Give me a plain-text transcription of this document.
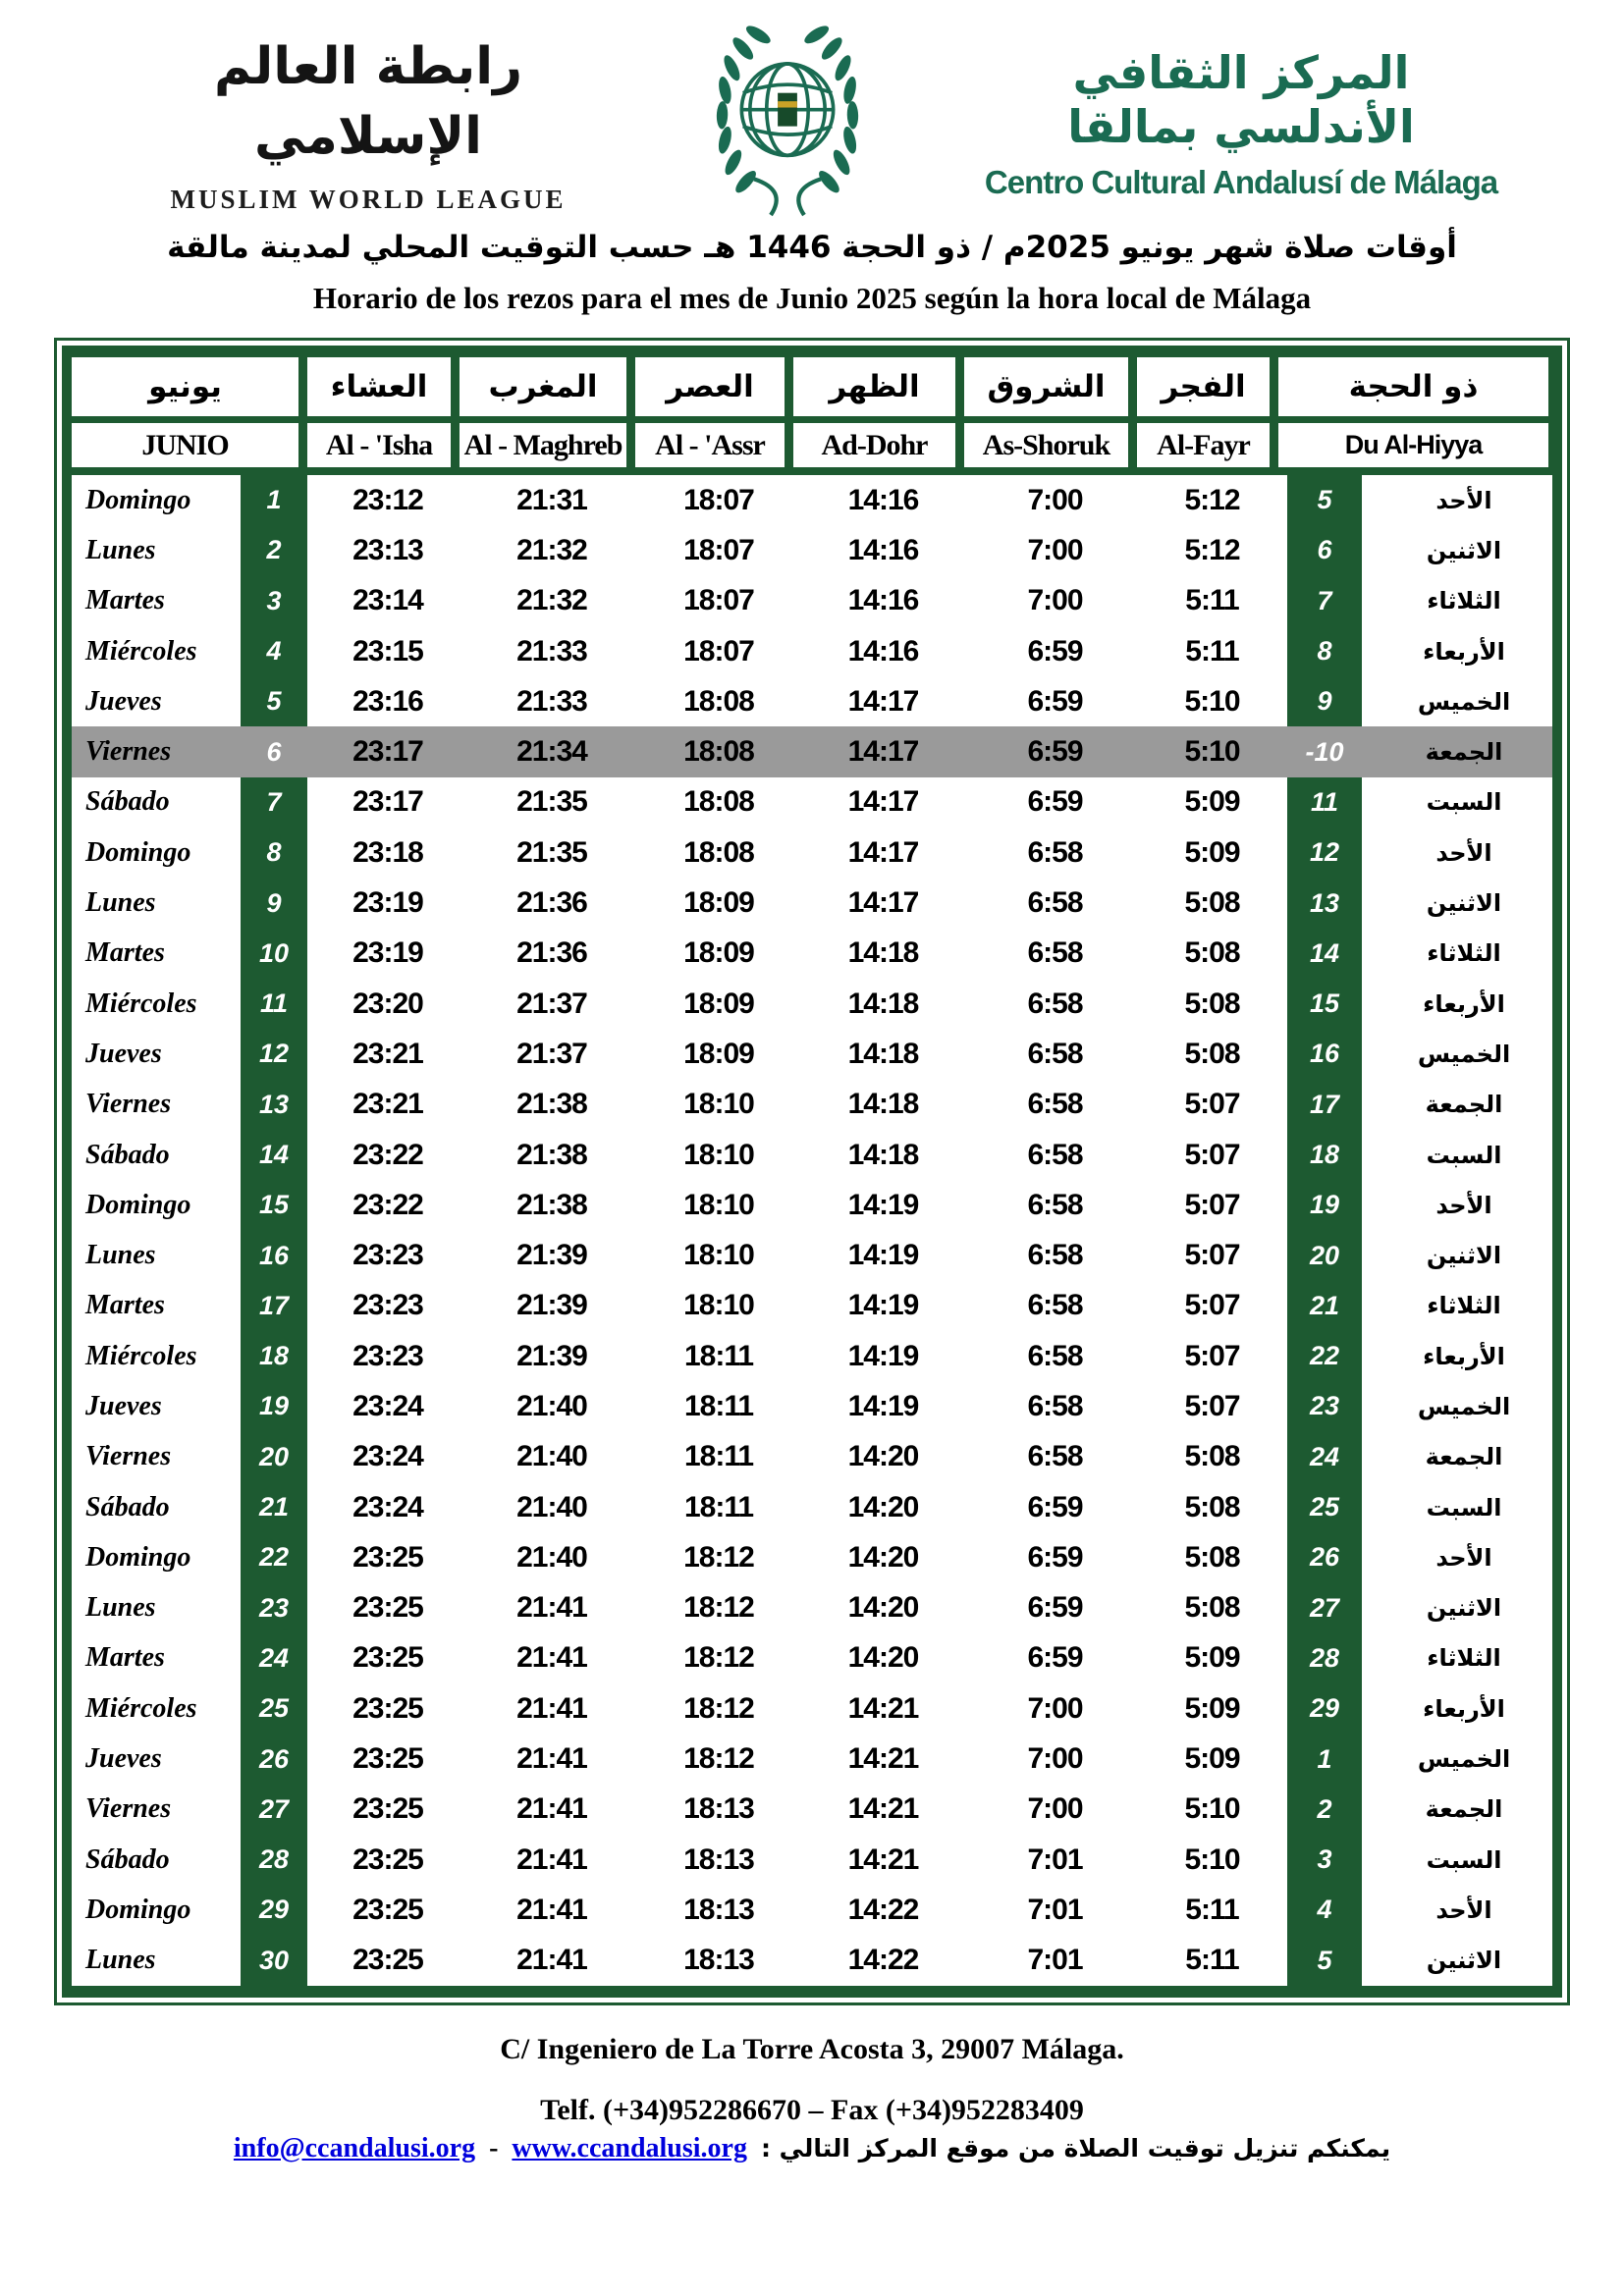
رابطة العالم الإسلامي
MUSLIM WORLD LEAGUE
المركز الثقافي الأندلسي بمالقا
Centro Cultural Andalusí de Málaga
أوقات صلاة شهر يونيو 2025م / ذو الحجة 1446 هـ حسب التوقيت المحلي لمدينة مالقة
Horario de los rezos para el mes de Junio 2025 según la hora local de Málaga
يونيو	العشاء	المغرب	العصر	الظهر	الشروق	الفجر	ذو الحجة
JUNIO	Al - 'Isha	Al - Maghreb	Al - 'Assr	Ad-Dohr	As-Shoruk	Al-Fayr	Du Al-Hiyya
Domingo	1	23:12	21:31	18:07	14:16	7:00	5:12	5	الأحد
Lunes	2	23:13	21:32	18:07	14:16	7:00	5:12	6	الاثنين
Martes	3	23:14	21:32	18:07	14:16	7:00	5:11	7	الثلاثاء
Miércoles	4	23:15	21:33	18:07	14:16	6:59	5:11	8	الأربعاء
Jueves	5	23:16	21:33	18:08	14:17	6:59	5:10	9	الخميس
Viernes	6	23:17	21:34	18:08	14:17	6:59	5:10	-10	الجمعة
Sábado	7	23:17	21:35	18:08	14:17	6:59	5:09	11	السبت
Domingo	8	23:18	21:35	18:08	14:17	6:58	5:09	12	الأحد
Lunes	9	23:19	21:36	18:09	14:17	6:58	5:08	13	الاثنين
Martes	10	23:19	21:36	18:09	14:18	6:58	5:08	14	الثلاثاء
Miércoles	11	23:20	21:37	18:09	14:18	6:58	5:08	15	الأربعاء
Jueves	12	23:21	21:37	18:09	14:18	6:58	5:08	16	الخميس
Viernes	13	23:21	21:38	18:10	14:18	6:58	5:07	17	الجمعة
Sábado	14	23:22	21:38	18:10	14:18	6:58	5:07	18	السبت
Domingo	15	23:22	21:38	18:10	14:19	6:58	5:07	19	الأحد
Lunes	16	23:23	21:39	18:10	14:19	6:58	5:07	20	الاثنين
Martes	17	23:23	21:39	18:10	14:19	6:58	5:07	21	الثلاثاء
Miércoles	18	23:23	21:39	18:11	14:19	6:58	5:07	22	الأربعاء
Jueves	19	23:24	21:40	18:11	14:19	6:58	5:07	23	الخميس
Viernes	20	23:24	21:40	18:11	14:20	6:58	5:08	24	الجمعة
Sábado	21	23:24	21:40	18:11	14:20	6:59	5:08	25	السبت
Domingo	22	23:25	21:40	18:12	14:20	6:59	5:08	26	الأحد
Lunes	23	23:25	21:41	18:12	14:20	6:59	5:08	27	الاثنين
Martes	24	23:25	21:41	18:12	14:20	6:59	5:09	28	الثلاثاء
Miércoles	25	23:25	21:41	18:12	14:21	7:00	5:09	29	الأربعاء
Jueves	26	23:25	21:41	18:12	14:21	7:00	5:09	1	الخميس
Viernes	27	23:25	21:41	18:13	14:21	7:00	5:10	2	الجمعة
Sábado	28	23:25	21:41	18:13	14:21	7:01	5:10	3	السبت
Domingo	29	23:25	21:41	18:13	14:22	7:01	5:11	4	الأحد
Lunes	30	23:25	21:41	18:13	14:22	7:01	5:11	5	الاثنين
C/ Ingeniero de La Torre Acosta 3, 29007 Málaga.
Telf. (+34)952286670 – Fax (+34)952283409
info@ccandalusi.org - www.ccandalusi.org يمكنكم تنزيل توقيت الصلاة من موقع المركز التالي :
